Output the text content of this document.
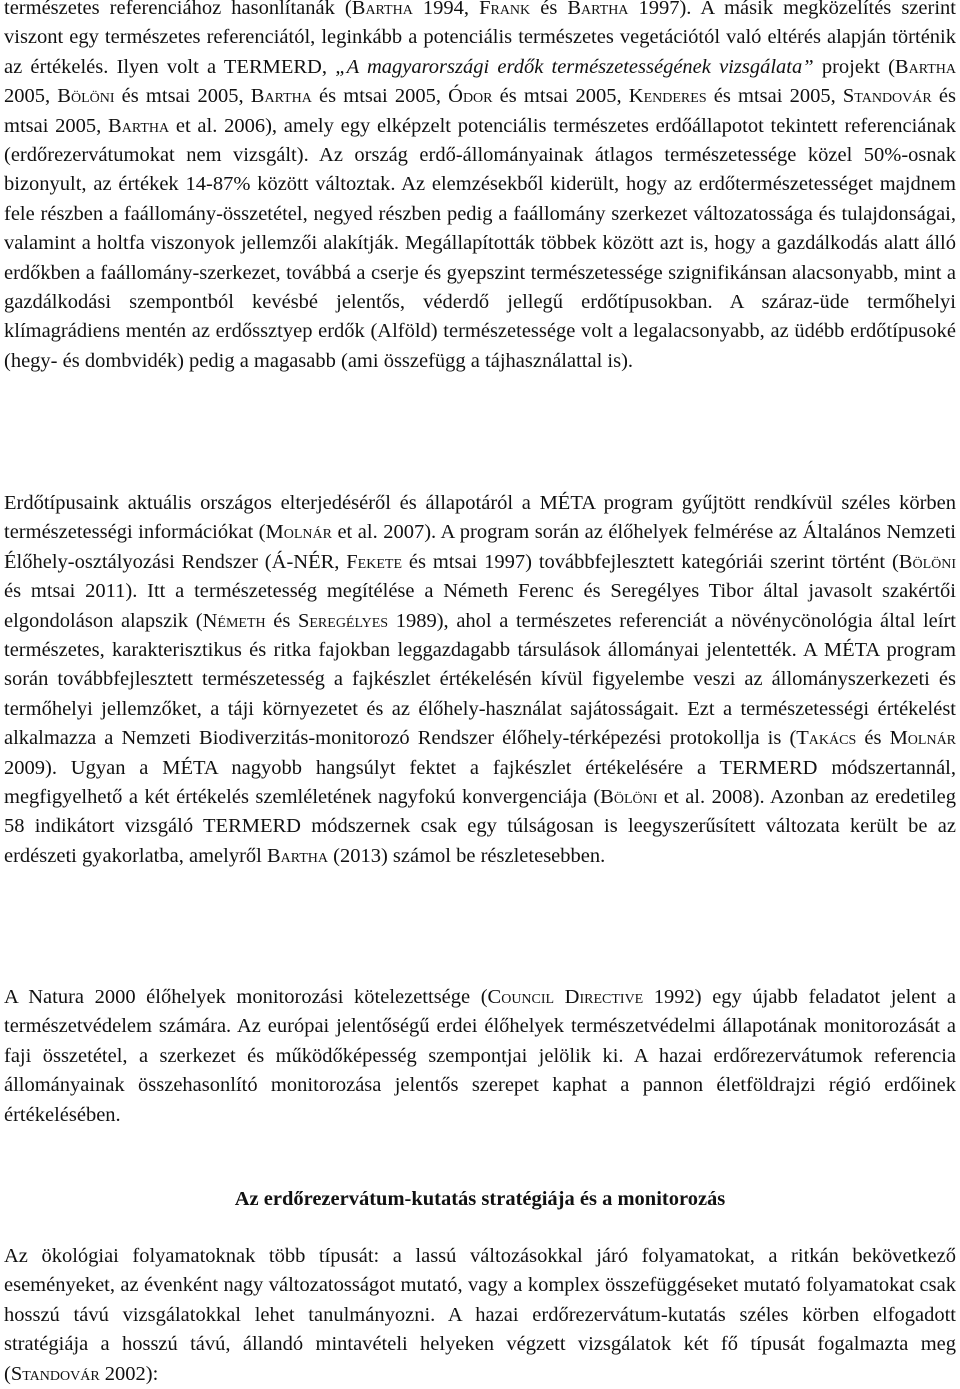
természetes referenciához hasonlítanák (Bartha 1994, Frank és Bartha 1997). A másik megközelítés szerint viszont egy természetes referenciától, leginkább a potenciális természetes vegetációtól való eltérés alapján történik az értékelés. Ilyen volt a TERMERD, „A magyarországi erdők természetességének vizsgálata” projekt (Bartha 2005, Bölöni és mtsai 2005, Bartha és mtsai 2005, Ódor és mtsai 2005, Kenderes és mtsai 2005, Standovár és mtsai 2005, Bartha et al. 2006), amely egy elképzelt potenciális természetes erdőállapotot tekintett referenciának (erdőrezervátumokat nem vizsgált). Az ország erdő-állományainak átlagos természetessége közel 50%-osnak bizonyult, az értékek 14-87% között változtak. Az elemzésekből kiderült, hogy az erdőtermészetességet majdnem fele részben a faállomány-összetétel, negyed részben pedig a faállomány szerkezet változatossága és tulajdonságai, valamint a holtfa viszonyok jellemzői alakítják. Megállapították többek között azt is, hogy a gazdálkodás alatt álló erdőkben a faállomány-szerkezet, továbbá a cserje és gyepszint természetessége szignifikánsan alacsonyabb, mint a gazdálkodási szempontból kevésbé jelentős, véderdő jellegű erdőtípusokban. A száraz-üde termőhelyi klímagrádiens mentén az erdőssztyep erdők (Alföld) természetessége volt a legalacsonyabb, az üdébb erdőtípusoké (hegy- és dombvidék) pedig a magasabb (ami összefügg a tájhasználattal is).

Erdőtípusaink aktuális országos elterjedéséről és állapotáról a MÉTA program gyűjtött rendkívül széles körben természetességi információkat (Molnár et al. 2007). A program során az élőhelyek felmérése az Általános Nemzeti Élőhely-osztályozási Rendszer (Á-NÉR, Fekete és mtsai 1997) továbbfejlesztett kategóriái szerint történt (Bölöni és mtsai 2011). Itt a természetesség megítélése a Németh Ferenc és Seregélyes Tibor által javasolt szakértői elgondoláson alapszik (Németh és Seregélyes 1989), ahol a természetes referenciát a növénycönológia által leírt természetes, karakterisztikus és ritka fajokban leggazdagabb társulások állományai jelentették. A MÉTA program során továbbfejlesztett természetesség a fajkészlet értékelésén kívül figyelembe veszi az állományszerkezeti és termőhelyi jellemzőket, a táji környezetet és az élőhely-használat sajátosságait. Ezt a természetességi értékelést alkalmazza a Nemzeti Biodiverzitás-monitorozó Rendszer élőhely-térképezési protokollja is (Takács és Molnár 2009). Ugyan a MÉTA nagyobb hangsúlyt fektet a fajkészlet értékelésére a TERMERD módszertannál, megfigyelhető a két értékelés szemléletének nagyfokú konvergenciája (Bölöni et al. 2008). Azonban az eredetileg 58 indikátort vizsgáló TERMERD módszernek csak egy túlságosan is leegyszerűsített változata került be az erdészeti gyakorlatba, amelyről Bartha (2013) számol be részletesebben.

A Natura 2000 élőhelyek monitorozási kötelezettsége (Council Directive 1992) egy újabb feladatot jelent a természetvédelem számára. Az európai jelentőségű erdei élőhelyek természetvédelmi állapotának monitorozását a faji összetétel, a szerkezet és működőképesség szempontjai jelölik ki. A hazai erdőrezervátumok referencia állományainak összehasonlító monitorozása jelentős szerepet kaphat a pannon életföldrajzi régió erdőinek értékelésében.

Az erdőrezervátum-kutatás stratégiája és a monitorozás

Az ökológiai folyamatoknak több típusát: a lassú változásokkal járó folyamatokat, a ritkán bekövetkező eseményeket, az évenként nagy változatosságot mutató, vagy a komplex összefüggéseket mutató folyamatokat csak hosszú távú vizsgálatokkal lehet tanulmányozni. A hazai erdőrezervátum-kutatás széles körben elfogadott stratégiája a hosszú távú, állandó mintavételi helyeken végzett vizsgálatok két fő típusát fogalmazta meg (Standovár 2002):
